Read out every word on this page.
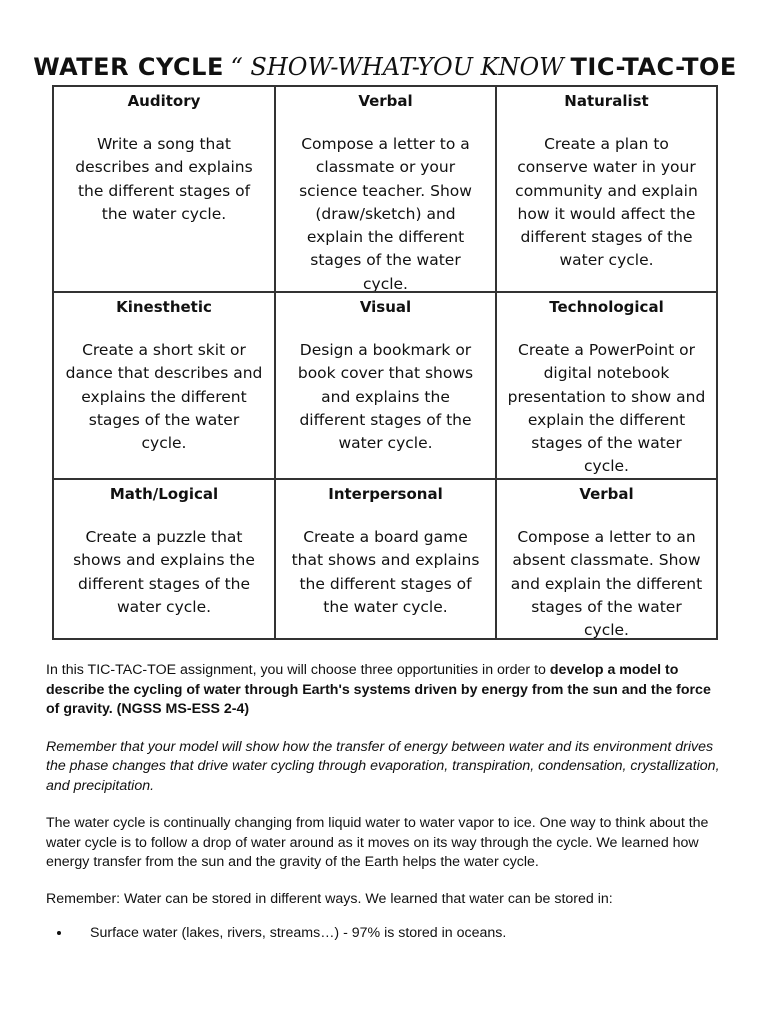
WATER CYCLE “ SHOW-WHAT-YOU KNOW TIC-TAC-TOE

Auditory

Write a song that describes and explains the different stages of the water cycle.

Verbal

Compose a letter to a classmate or your science teacher. Show (draw/sketch) and explain the different stages of the water cycle.

Naturalist

Create a plan to conserve water in your community and explain how it would affect the different stages of the water cycle.

Kinesthetic

Create a short skit or dance that describes and explains the different stages of the water cycle.

Visual

Design a bookmark or book cover that shows and explains the different stages of the water cycle.

Technological

Create a PowerPoint or digital notebook presentation to show and explain the different stages of the water cycle.

Math/Logical

Create a puzzle that shows and explains the different stages of the water cycle.

Interpersonal

Create a board game that shows and explains the different stages of the water cycle.

Verbal

Compose a letter to an absent classmate. Show and explain the different stages of the water cycle.

In this TIC-TAC-TOE assignment, you will choose three opportunities in order to develop a model to describe the cycling of water through Earth's systems driven by energy from the sun and the force of gravity. (NGSS MS-ESS 2-4)

Remember that your model will show how the transfer of energy between water and its environment drives the phase changes that drive water cycling through evaporation, transpiration, condensation, crystallization, and precipitation.

The water cycle is continually changing from liquid water to water vapor to ice. One way to think about the water cycle is to follow a drop of water around as it moves on its way through the cycle. We learned how energy transfer from the sun and the gravity of the Earth helps the water cycle.

Remember: Water can be stored in different ways. We learned that water can be stored in:

• Surface water (lakes, rivers, streams…) - 97% is stored in oceans.
